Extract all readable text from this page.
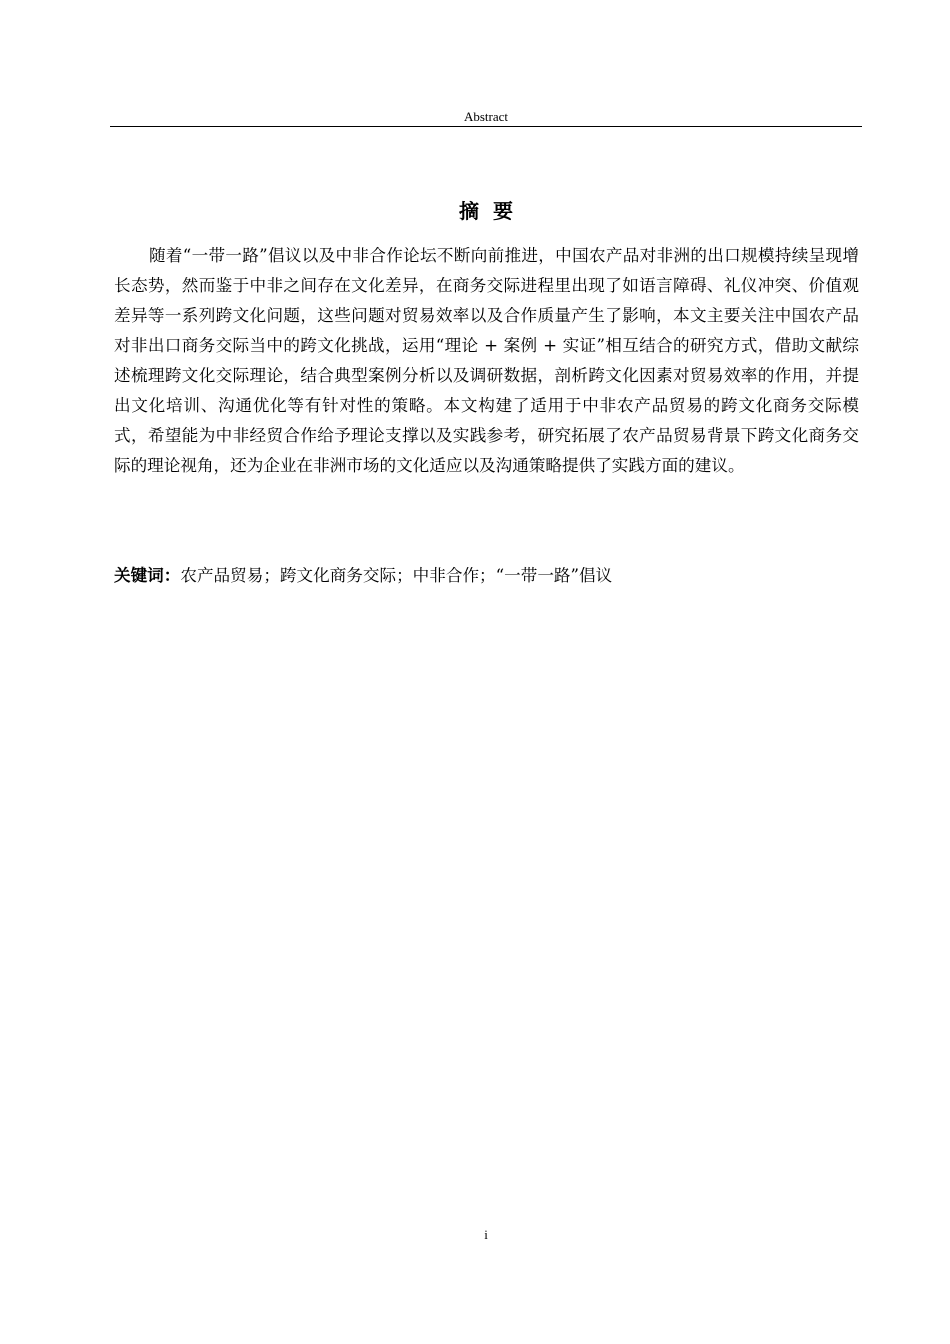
Abstract
摘要

随着“一带一路”倡议以及中非合作论坛不断向前推进，中国农产品对非洲的出口规模持续呈现增长态势，然而鉴于中非之间存在文化差异，在商务交际进程里出现了如语言障碍、礼仪冲突、价值观差异等一系列跨文化问题，这些问题对贸易效率以及合作质量产生了影响，本文主要关注中国农产品对非出口商务交际当中的跨文化挑战，运用“理论 + 案例 + 实证”相互结合的研究方式，借助文献综述梳理跨文化交际理论，结合典型案例分析以及调研数据，剖析跨文化因素对贸易效率的作用，并提出文化培训、沟通优化等有针对性的策略。本文构建了适用于中非农产品贸易的跨文化商务交际模式，希望能为中非经贸合作给予理论支撑以及实践参考，研究拓展了农产品贸易背景下跨文化商务交际的理论视角，还为企业在非洲市场的文化适应以及沟通策略提供了实践方面的建议。

关键词：农产品贸易；跨文化商务交际；中非合作；“一带一路”倡议
i
